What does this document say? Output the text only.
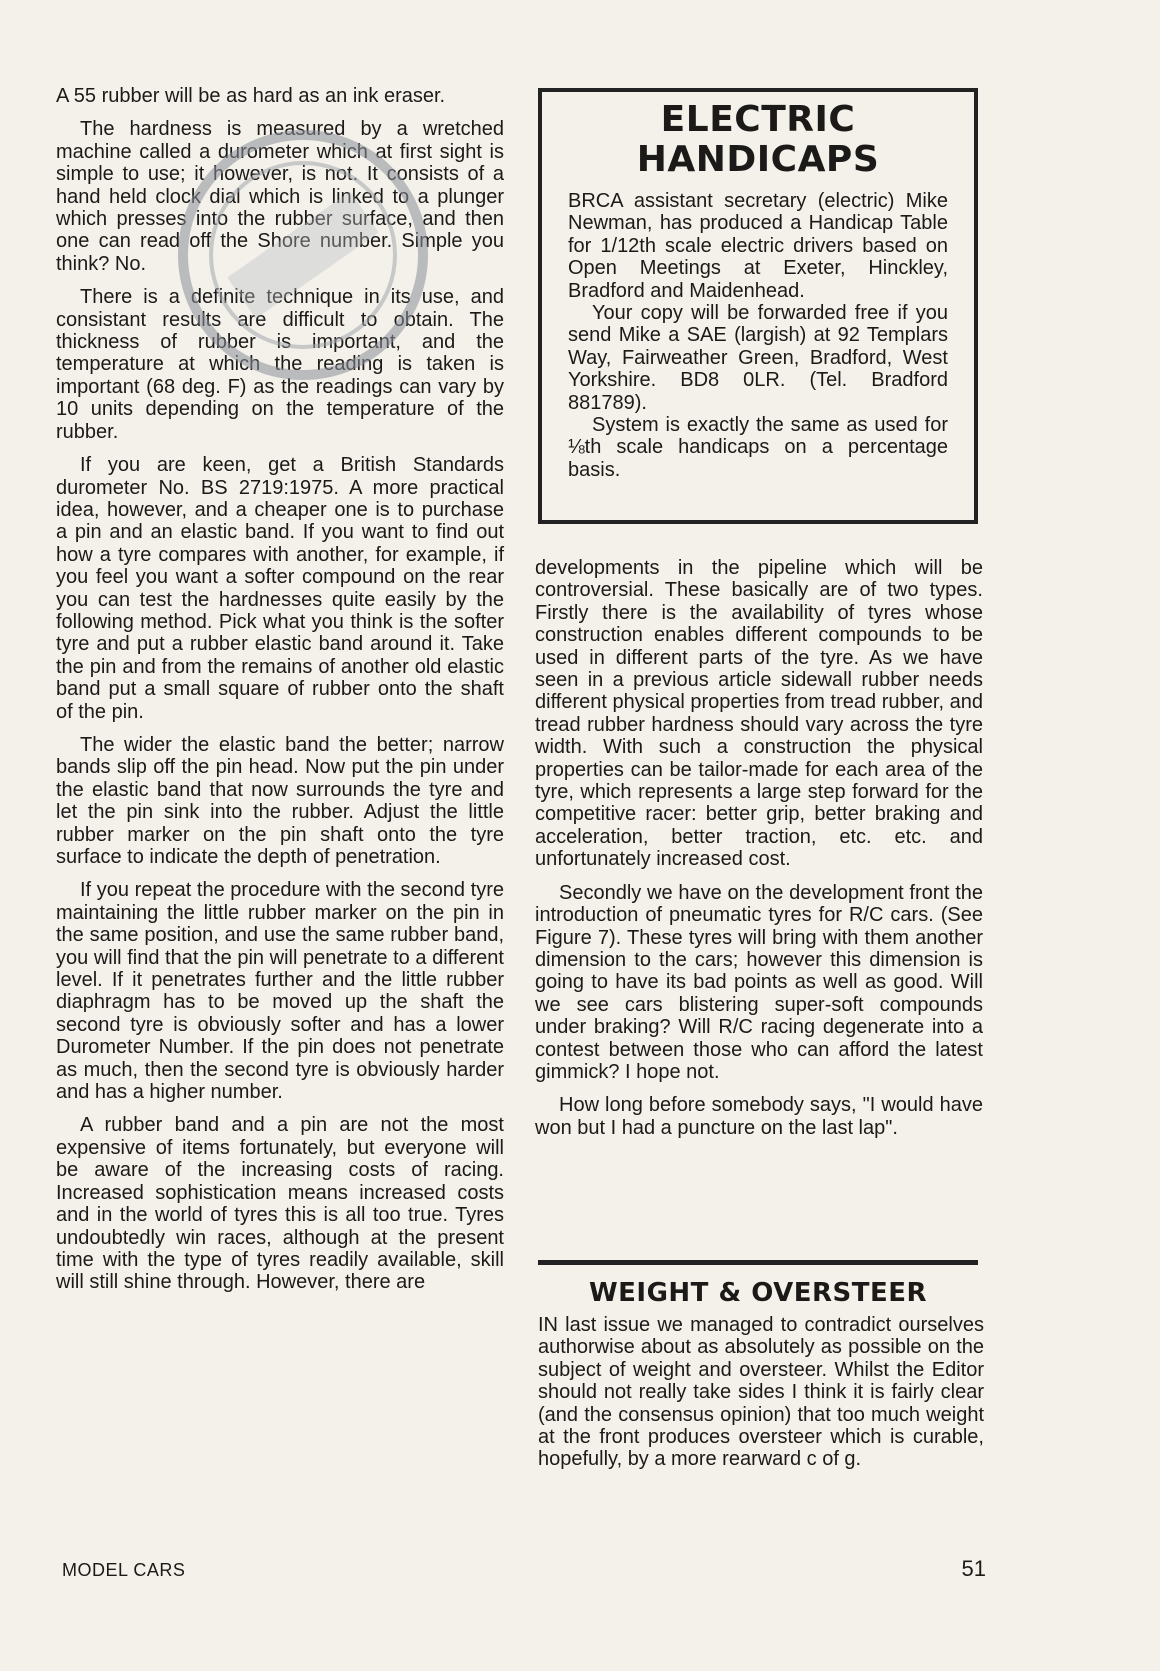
A 55 rubber will be as hard as an ink eraser.

The hardness is measured by a wretched machine called a durometer which at first sight is simple to use; it however, is not. It consists of a hand held clock dial which is linked to a plunger which presses into the rubber surface, and then one can read off the Shore number. Simple you think? No.

There is a definite technique in its use, and consistant results are difficult to obtain. The thickness of rubber is important, and the temperature at which the reading is taken is important (68 deg. F) as the readings can vary by 10 units depending on the temperature of the rubber.

If you are keen, get a British Standards durometer No. BS 2719:1975. A more practical idea, however, and a cheaper one is to purchase a pin and an elastic band. If you want to find out how a tyre compares with another, for example, if you feel you want a softer compound on the rear you can test the hardnesses quite easily by the following method. Pick what you think is the softer tyre and put a rubber elastic band around it. Take the pin and from the remains of another old elastic band put a small square of rubber onto the shaft of the pin.

The wider the elastic band the better; narrow bands slip off the pin head. Now put the pin under the elastic band that now surrounds the tyre and let the pin sink into the rubber. Adjust the little rubber marker on the pin shaft onto the tyre surface to indicate the depth of penetration.

If you repeat the procedure with the second tyre maintaining the little rubber marker on the pin in the same position, and use the same rubber band, you will find that the pin will penetrate to a different level. If it penetrates further and the little rubber diaphragm has to be moved up the shaft the second tyre is obviously softer and has a lower Durometer Number. If the pin does not penetrate as much, then the second tyre is obviously harder and has a higher number.

A rubber band and a pin are not the most expensive of items fortunately, but everyone will be aware of the increasing costs of racing. Increased sophistication means increased costs and in the world of tyres this is all too true. Tyres undoubtedly win races, although at the present time with the type of tyres readily available, skill will still shine through. However, there are

ELECTRIC
HANDICAPS

BRCA assistant secretary (electric) Mike Newman, has produced a Handicap Table for 1/12th scale electric drivers based on Open Meetings at Exeter, Hinckley, Bradford and Maidenhead.

Your copy will be forwarded free if you send Mike a SAE (largish) at 92 Templars Way, Fairweather Green, Bradford, West Yorkshire. BD8 0LR. (Tel. Bradford 881789).

System is exactly the same as used for ⅛th scale handicaps on a percentage basis.

developments in the pipeline which will be controversial. These basically are of two types. Firstly there is the availability of tyres whose construction enables different compounds to be used in different parts of the tyre. As we have seen in a previous article sidewall rubber needs different physical properties from tread rubber, and tread rubber hardness should vary across the tyre width. With such a construction the physical properties can be tailor-made for each area of the tyre, which represents a large step forward for the competitive racer: better grip, better braking and acceleration, better traction, etc. etc. and unfortunately increased cost.

Secondly we have on the development front the introduction of pneumatic tyres for R/C cars. (See Figure 7). These tyres will bring with them another dimension to the cars; however this dimension is going to have its bad points as well as good. Will we see cars blistering super-soft compounds under braking? Will R/C racing degenerate into a contest between those who can afford the latest gimmick? I hope not.

How long before somebody says, "I would have won but I had a puncture on the last lap".

WEIGHT & OVERSTEER

IN last issue we managed to contradict ourselves authorwise about as absolutely as possible on the subject of weight and oversteer. Whilst the Editor should not really take sides I think it is fairly clear (and the consensus opinion) that too much weight at the front produces oversteer which is curable, hopefully, by a more rearward c of g.

MODEL CARS	51
